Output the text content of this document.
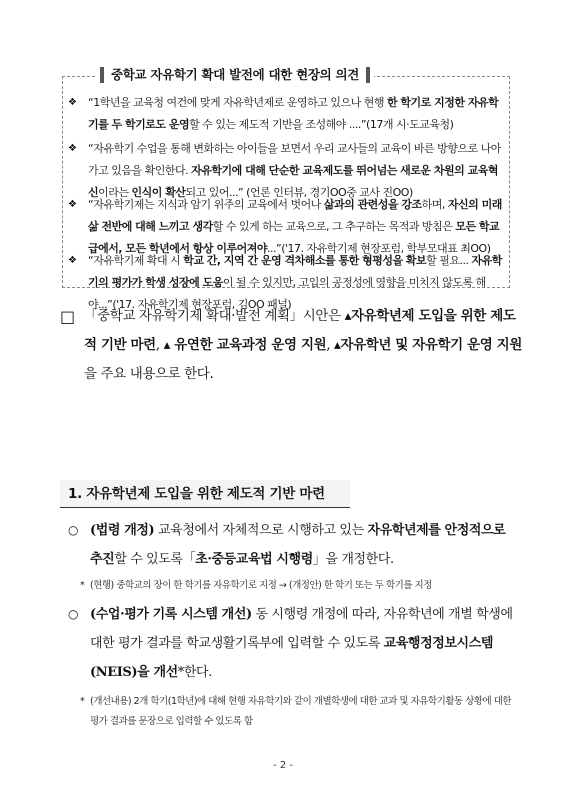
중학교 자유학기 확대 발전에 대한 현장의 의견
❖ “1학년을 교육청 여건에 맞게 자유학년제로 운영하고 있으나 현행 한 학기로 지정한 자유학기를 두 학기로도 운영할 수 있는 제도적 기반을 조성해야 ....”(17개 시·도교육청)
❖ “자유학기 수업을 통해 변화하는 아이들을 보면서 우리 교사들의 교육이 바른 방향으로 나아가고 있음을 확인한다. 자유학기에 대해 단순한 교육제도를 뛰어넘는 새로운 차원의 교육혁신이라는 인식이 확산되고 있어...” (언론 인터뷰, 경기OO중 교사 진OO)
❖ “자유학기제는 지식과 암기 위주의 교육에서 벗어나 삶과의 관련성을 강조하며, 자신의 미래 삶 전반에 대해 느끼고 생각할 수 있게 하는 교육으로, 그 추구하는 목적과 방침은 모든 학교급에서, 모든 학년에서 항상 이루어져야...”('17. 자유학기제 현장포럼, 학부모대표 최OO)
❖ “자유학기제 확대 시 학교 간, 지역 간 운영 격차해소를 통한 형평성을 확보할 필요... 자유학기의 평가가 학생 성장에 도움이 될 수 있지만, 고입의 공정성에 영향을 미치지 않도록 해야...”('17. 자유학기제 현장포럼, 김OO 패널)
□ 「중학교 자유학기제 확대·발전 계획」시안은 ▴자유학년제 도입을 위한 제도적 기반 마련, ▴ 유연한 교육과정 운영 지원, ▴자유학년 및 자유학기 운영 지원을 주요 내용으로 한다.
1. 자유학년제 도입을 위한 제도적 기반 마련
○ (법령 개정) 교육청에서 자체적으로 시행하고 있는 자유학년제를 안정적으로 추진할 수 있도록「초·중등교육법 시행령」을 개정한다.
* (현행) 중학교의 장이 한 학기를 자유학기로 지정 → (개정안) 한 학기 또는 두 학기를 지정
○ (수업·평가 기록 시스템 개선) 동 시행령 개정에 따라, 자유학년에 개별 학생에 대한 평가 결과를 학교생활기록부에 입력할 수 있도록 교육행정정보시스템(NEIS)을 개선*한다.
* (개선내용) 2개 학기(1학년)에 대해 현행 자유학기와 같이 개별학생에 대한 교과 및 자유학기활동 상황에 대한 평가 결과를 문장으로 입력할 수 있도록 함
- 2 -
